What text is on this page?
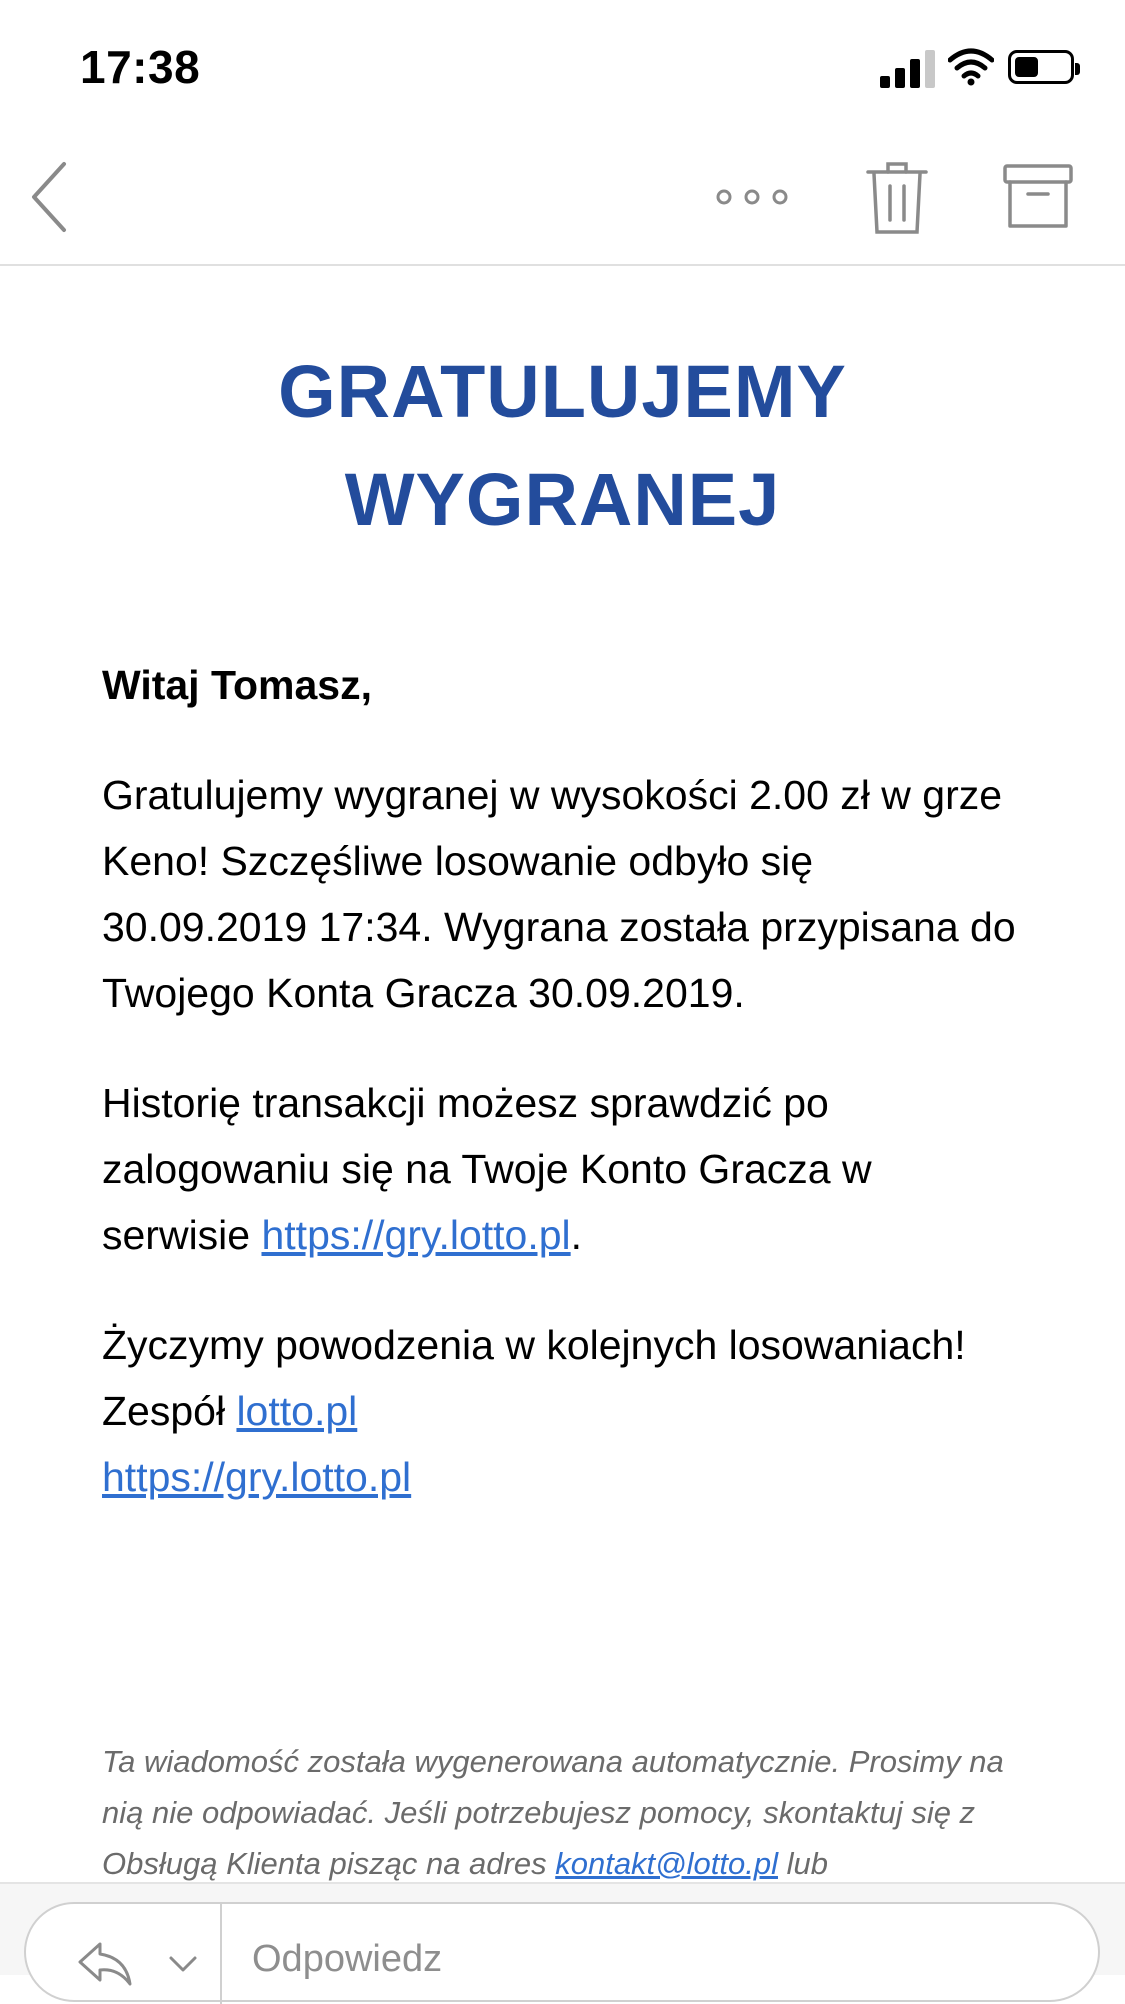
17:38
GRATULUJEMY
WYGRANEJ

Witaj Tomasz,

Gratulujemy wygranej w wysokości 2.00 zł w grze Keno! Szczęśliwe losowanie odbyło się 30.09.2019 17:34. Wygrana została przypisana do Twojego Konta Gracza 30.09.2019.

Historię transakcji możesz sprawdzić po zalogowaniu się na Twoje Konto Gracza w serwisie https://gry.lotto.pl.

Życzymy powodzenia w kolejnych losowaniach!
Zespół lotto.pl
https://gry.lotto.pl

Ta wiadomość została wygenerowana automatycznie. Prosimy na nią nie odpowiadać. Jeśli potrzebujesz pomocy, skontaktuj się z Obsługą Klienta pisząc na adres kontakt@lotto.pl lub
Odpowiedz
